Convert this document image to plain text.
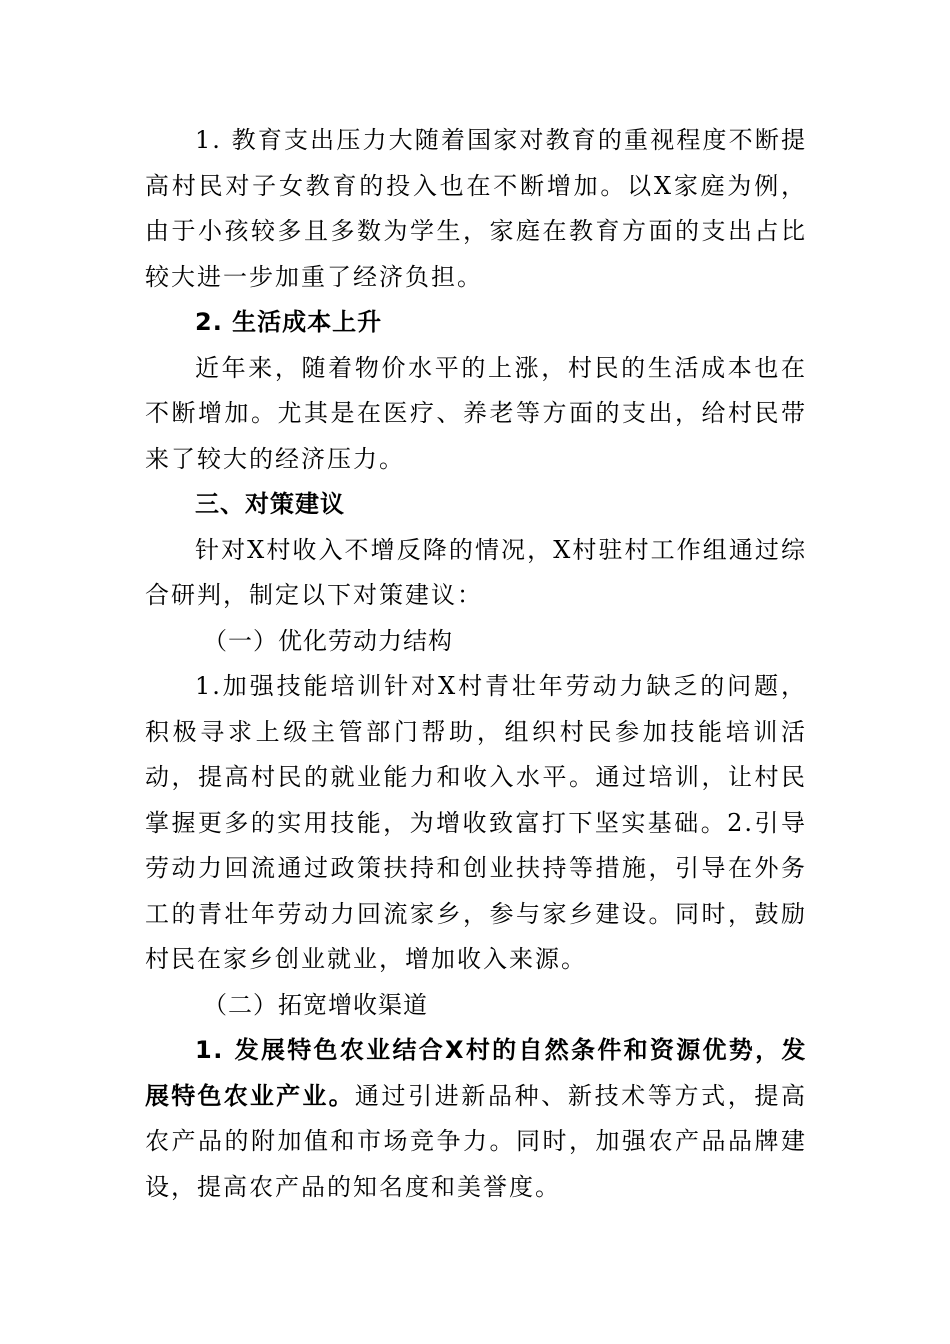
1. 教育支出压力大随着国家对教育的重视程度不断提高村民对子女教育的投入也在不断增加。以X家庭为例，由于小孩较多且多数为学生，家庭在教育方面的支出占比较大进一步加重了经济负担。

2. 生活成本上升

近年来，随着物价水平的上涨，村民的生活成本也在不断增加。尤其是在医疗、养老等方面的支出，给村民带来了较大的经济压力。

三、对策建议

针对X村收入不增反降的情况，X村驻村工作组通过综合研判，制定以下对策建议：

（一）优化劳动力结构

1.加强技能培训针对X村青壮年劳动力缺乏的问题，积极寻求上级主管部门帮助，组织村民参加技能培训活动，提高村民的就业能力和收入水平。通过培训，让村民掌握更多的实用技能，为增收致富打下坚实基础。2.引导劳动力回流通过政策扶持和创业扶持等措施，引导在外务工的青壮年劳动力回流家乡，参与家乡建设。同时，鼓励村民在家乡创业就业，增加收入来源。

（二）拓宽增收渠道

1. 发展特色农业结合X村的自然条件和资源优势，发展特色农业产业。通过引进新品种、新技术等方式，提高农产品的附加值和市场竞争力。同时，加强农产品品牌建设，提高农产品的知名度和美誉度。
